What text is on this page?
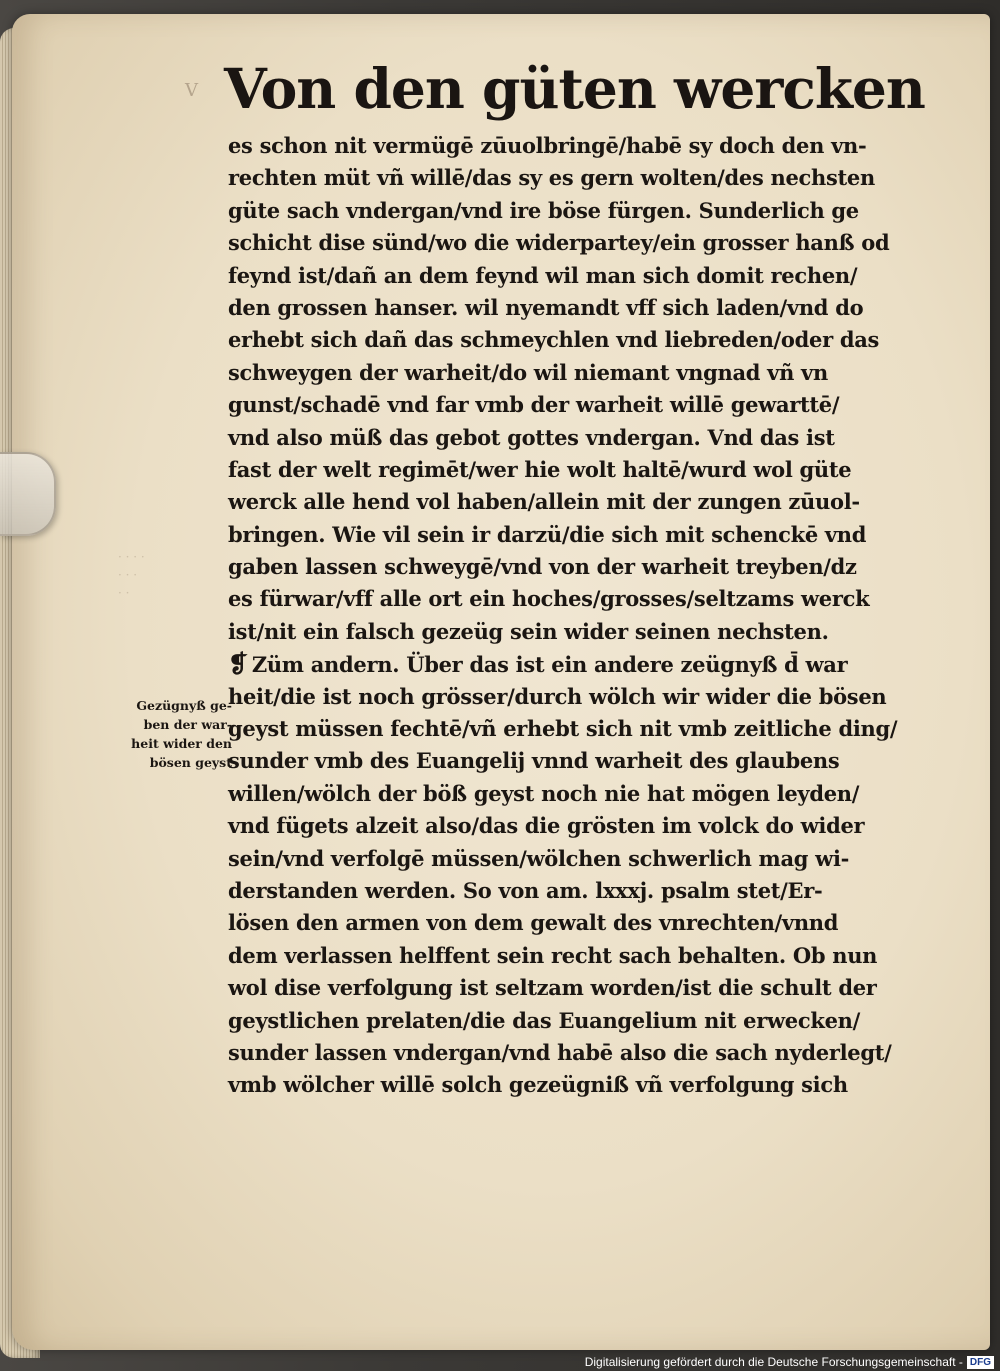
V
· · · ·
· · ·
· ·
Von den güten wercken
es schon nit vermügē zūuolbringē/habē sy doch den vn-
rechten müt vñ willē/das sy es gern wolten/des nechsten
güte sach vndergan/vnd ire böse fürgen. Sunderlich ge
schicht dise sünd/wo die widerpartey/ein grosser hanß od
feynd ist/dañ an dem feynd wil man sich domit rechen/
den grossen hanser. wil nyemandt vff sich laden/vnd do
erhebt sich dañ das schmeychlen vnd liebreden/oder das
schweygen der warheit/do wil niemant vngnad vñ vn
gunst/schadē vnd far vmb der warheit willē gewarttē/
vnd also müß das gebot gottes vndergan. Vnd das ist
fast der welt regimēt/wer hie wolt haltē/wurd wol güte
werck alle hend vol haben/allein mit der zungen zūuol-
bringen. Wie vil sein ir darzü/die sich mit schenckē vnd
gaben lassen schweygē/vnd von der warheit treyben/dz
es fürwar/vff alle ort ein hoches/grosses/seltzams werck
ist/nit ein falsch gezeüg sein wider seinen nechsten.
❡ Züm andern. Über das ist ein andere zeügnyß d̄ war
heit/die ist noch grösser/durch wölch wir wider die bösen
geyst müssen fechtē/vñ erhebt sich nit vmb zeitliche ding/
sunder vmb des Euangelij vnnd warheit des glaubens
willen/wölch der böß geyst noch nie hat mögen leyden/
vnd fügets alzeit also/das die grösten im volck do wider
sein/vnd verfolgē müssen/wölchen schwerlich mag wi-
derstanden werden. So von am. lxxxj. psalm stet/Er-
lösen den armen von dem gewalt des vnrechten/vnnd
dem verlassen helffent sein recht sach behalten. Ob nun
wol dise verfolgung ist seltzam worden/ist die schult der
geystlichen prelaten/die das Euangelium nit erwecken/
sunder lassen vndergan/vnd habē also die sach nyderlegt/
vmb wölcher willē solch gezeügniß vñ verfolgung sich
Gezügnyß ge-
ben der war-
heit wider den
bösen geyst
Digitalisierung gefördert durch die Deutsche Forschungsgemeinschaft - DFG
